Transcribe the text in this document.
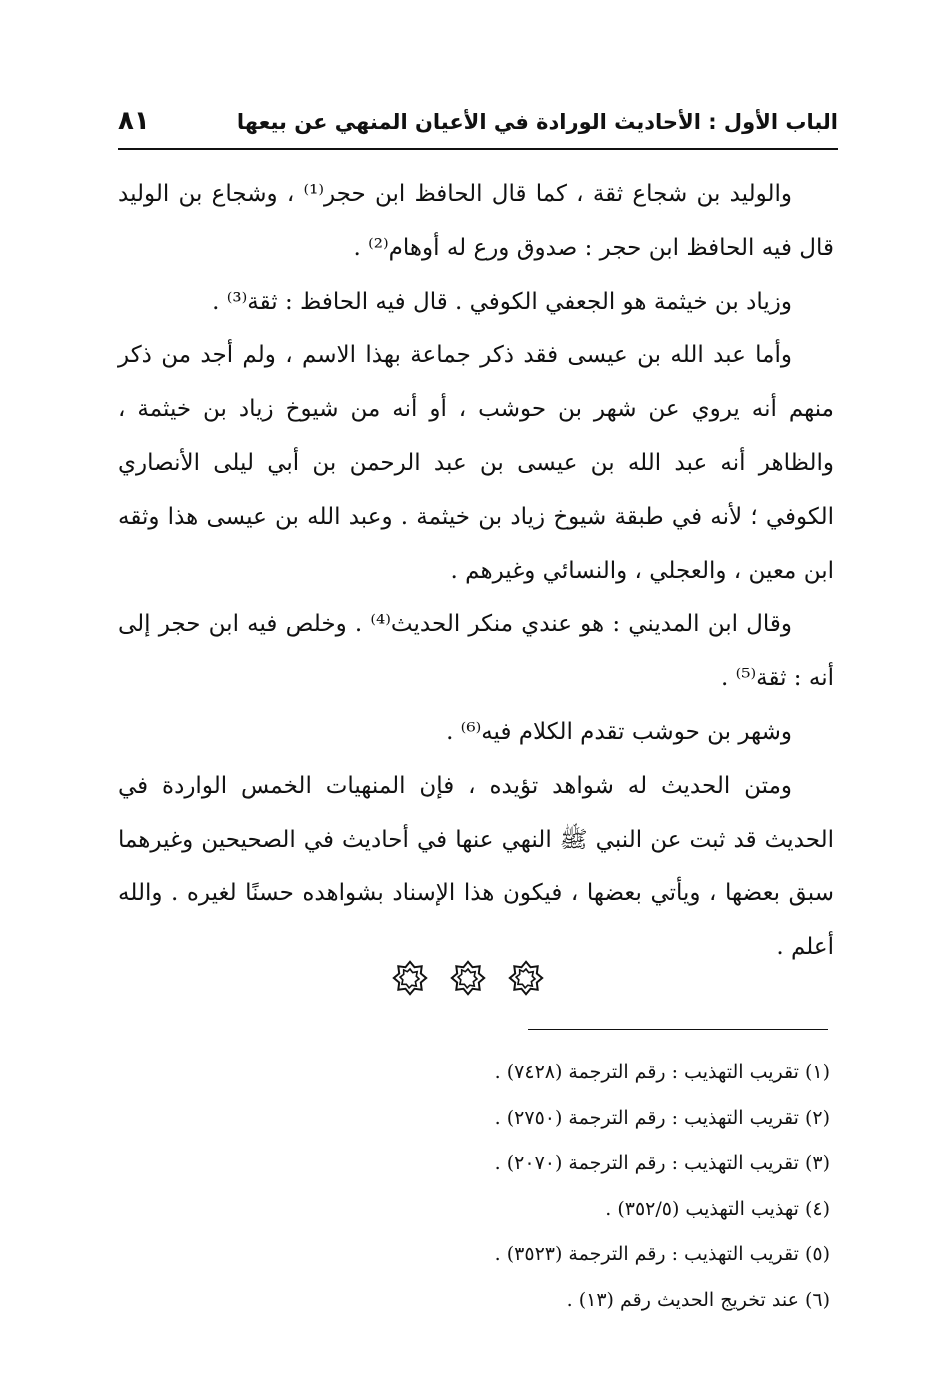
الباب الأول : الأحاديث الورادة في الأعيان المنهي عن بيعها
٨١

والوليد بن شجاع ثقة ، كما قال الحافظ ابن حجر⁽¹⁾ ، وشجاع بن الوليد قال فيه الحافظ ابن حجر : صدوق ورع له أوهام⁽²⁾ .

وزياد بن خيثمة هو الجعفي الكوفي . قال فيه الحافظ : ثقة⁽³⁾ .

وأما عبد الله بن عيسى فقد ذكر جماعة بهذا الاسم ، ولم أجد من ذكر منهم أنه يروي عن شهر بن حوشب ، أو أنه من شيوخ زياد بن خيثمة ، والظاهر أنه عبد الله بن عيسى بن عبد الرحمن بن أبي ليلى الأنصاري الكوفي ؛ لأنه في طبقة شيوخ زياد بن خيثمة . وعبد الله بن عيسى هذا وثقه ابن معين ، والعجلي ، والنسائي وغيرهم .

وقال ابن المديني : هو عندي منكر الحديث⁽⁴⁾ . وخلص فيه ابن حجر إلى أنه : ثقة⁽⁵⁾ .

وشهر بن حوشب تقدم الكلام فيه⁽⁶⁾ .

ومتن الحديث له شواهد تؤيده ، فإن المنهيات الخمس الواردة في الحديث قد ثبت عن النبي ﷺ النهي عنها في أحاديث في الصحيحين وغيرهما سبق بعضها ، ويأتي بعضها ، فيكون هذا الإسناد بشواهده حسنًا لغيره . والله أعلم .

(١) تقريب التهذيب : رقم الترجمة (٧٤٢٨) .

(٢) تقريب التهذيب : رقم الترجمة (٢٧٥٠) .

(٣) تقريب التهذيب : رقم الترجمة (٢٠٧٠) .

(٤) تهذيب التهذيب (٣٥٢/٥) .

(٥) تقريب التهذيب : رقم الترجمة (٣٥٢٣) .

(٦) عند تخريج الحديث رقم (١٣) .
